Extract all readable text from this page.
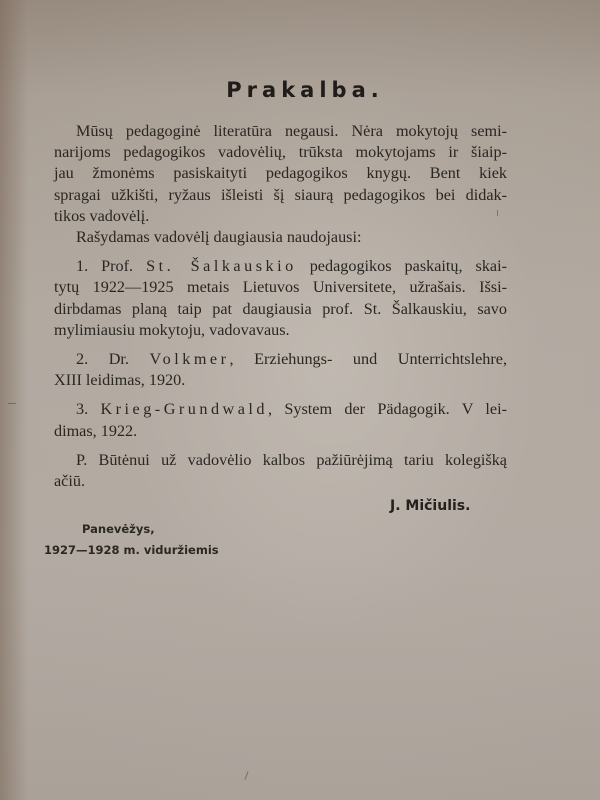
Prakalba.
Mūsų pedagoginė literatūra negausi. Nėra mokytojų semi-
narijoms pedagogikos vadovėlių, trūksta mokytojams ir šiaip-
jau žmonėms pasiskaityti pedagogikos knygų. Bent kiek
spragai užkišti, ryžaus išleisti šį siaurą pedagogikos bei didak-
tikos vadovėlį.
Rašydamas vadovėlį daugiausia naudojausi:
1. Prof. St. Šalkauskio pedagogikos paskaitų, skai-
tytų 1922—1925 metais Lietuvos Universitete, užrašais. Išsi-
dirbdamas planą taip pat daugiausia prof. St. Šalkauskiu, savo
mylimiausiu mokytoju, vadovavaus.
2. Dr. Volkmer, Erziehungs- und Unterrichtslehre,
XIII leidimas, 1920.
3. Krieg-Grundwald, System der Pädagogik. V lei-
dimas, 1922.
P. Būtėnui už vadovėlio kalbos pažiūrėjimą tariu kolegišką
ačiū.
J. Mičiulis.
Panevėžys,
1927—1928 m. viduržiemis
